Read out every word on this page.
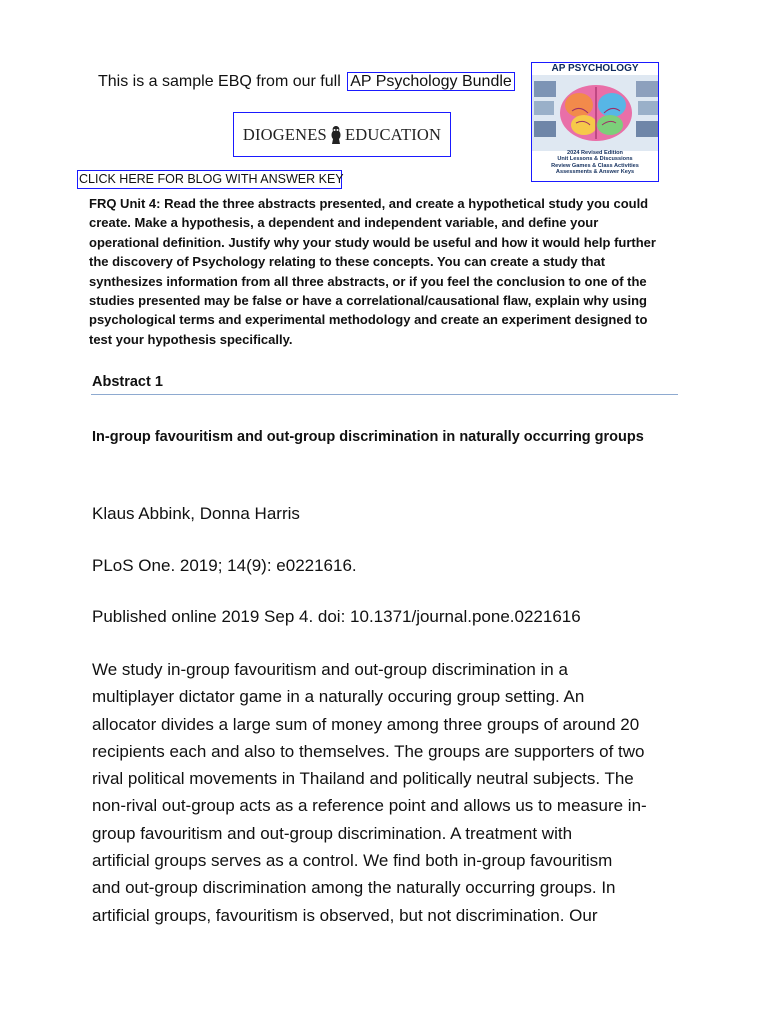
This is a sample EBQ from our full AP Psychology Bundle
DIOGENES EDUCATION
AP PSYCHOLOGY
2024 Revised Edition
Unit Lessons & Discussions
Review Games & Class Activities
Assessments & Answer Keys
CLICK HERE FOR BLOG WITH ANSWER KEY
FRQ Unit 4: Read the three abstracts presented, and create a hypothetical study you could create. Make a hypothesis, a dependent and independent variable, and define your operational definition. Justify why your study would be useful and how it would help further the discovery of Psychology relating to these concepts. You can create a study that synthesizes information from all three abstracts, or if you feel the conclusion to one of the studies presented may be false or have a correlational/causational flaw, explain why using psychological terms and experimental methodology and create an experiment designed to test your hypothesis specifically.
Abstract 1
In-group favouritism and out-group discrimination in naturally occurring groups
Klaus Abbink, Donna Harris
PLoS One. 2019; 14(9): e0221616.
Published online 2019 Sep 4. doi: 10.1371/journal.pone.0221616
We study in-group favouritism and out-group discrimination in a
multiplayer dictator game in a naturally occuring group setting. An
allocator divides a large sum of money among three groups of around 20
recipients each and also to themselves. The groups are supporters of two
rival political movements in Thailand and politically neutral subjects. The
non-rival out-group acts as a reference point and allows us to measure in-
group favouritism and out-group discrimination. A treatment with
artificial groups serves as a control. We find both in-group favouritism
and out-group discrimination among the naturally occurring groups. In
artificial groups, favouritism is observed, but not discrimination. Our
